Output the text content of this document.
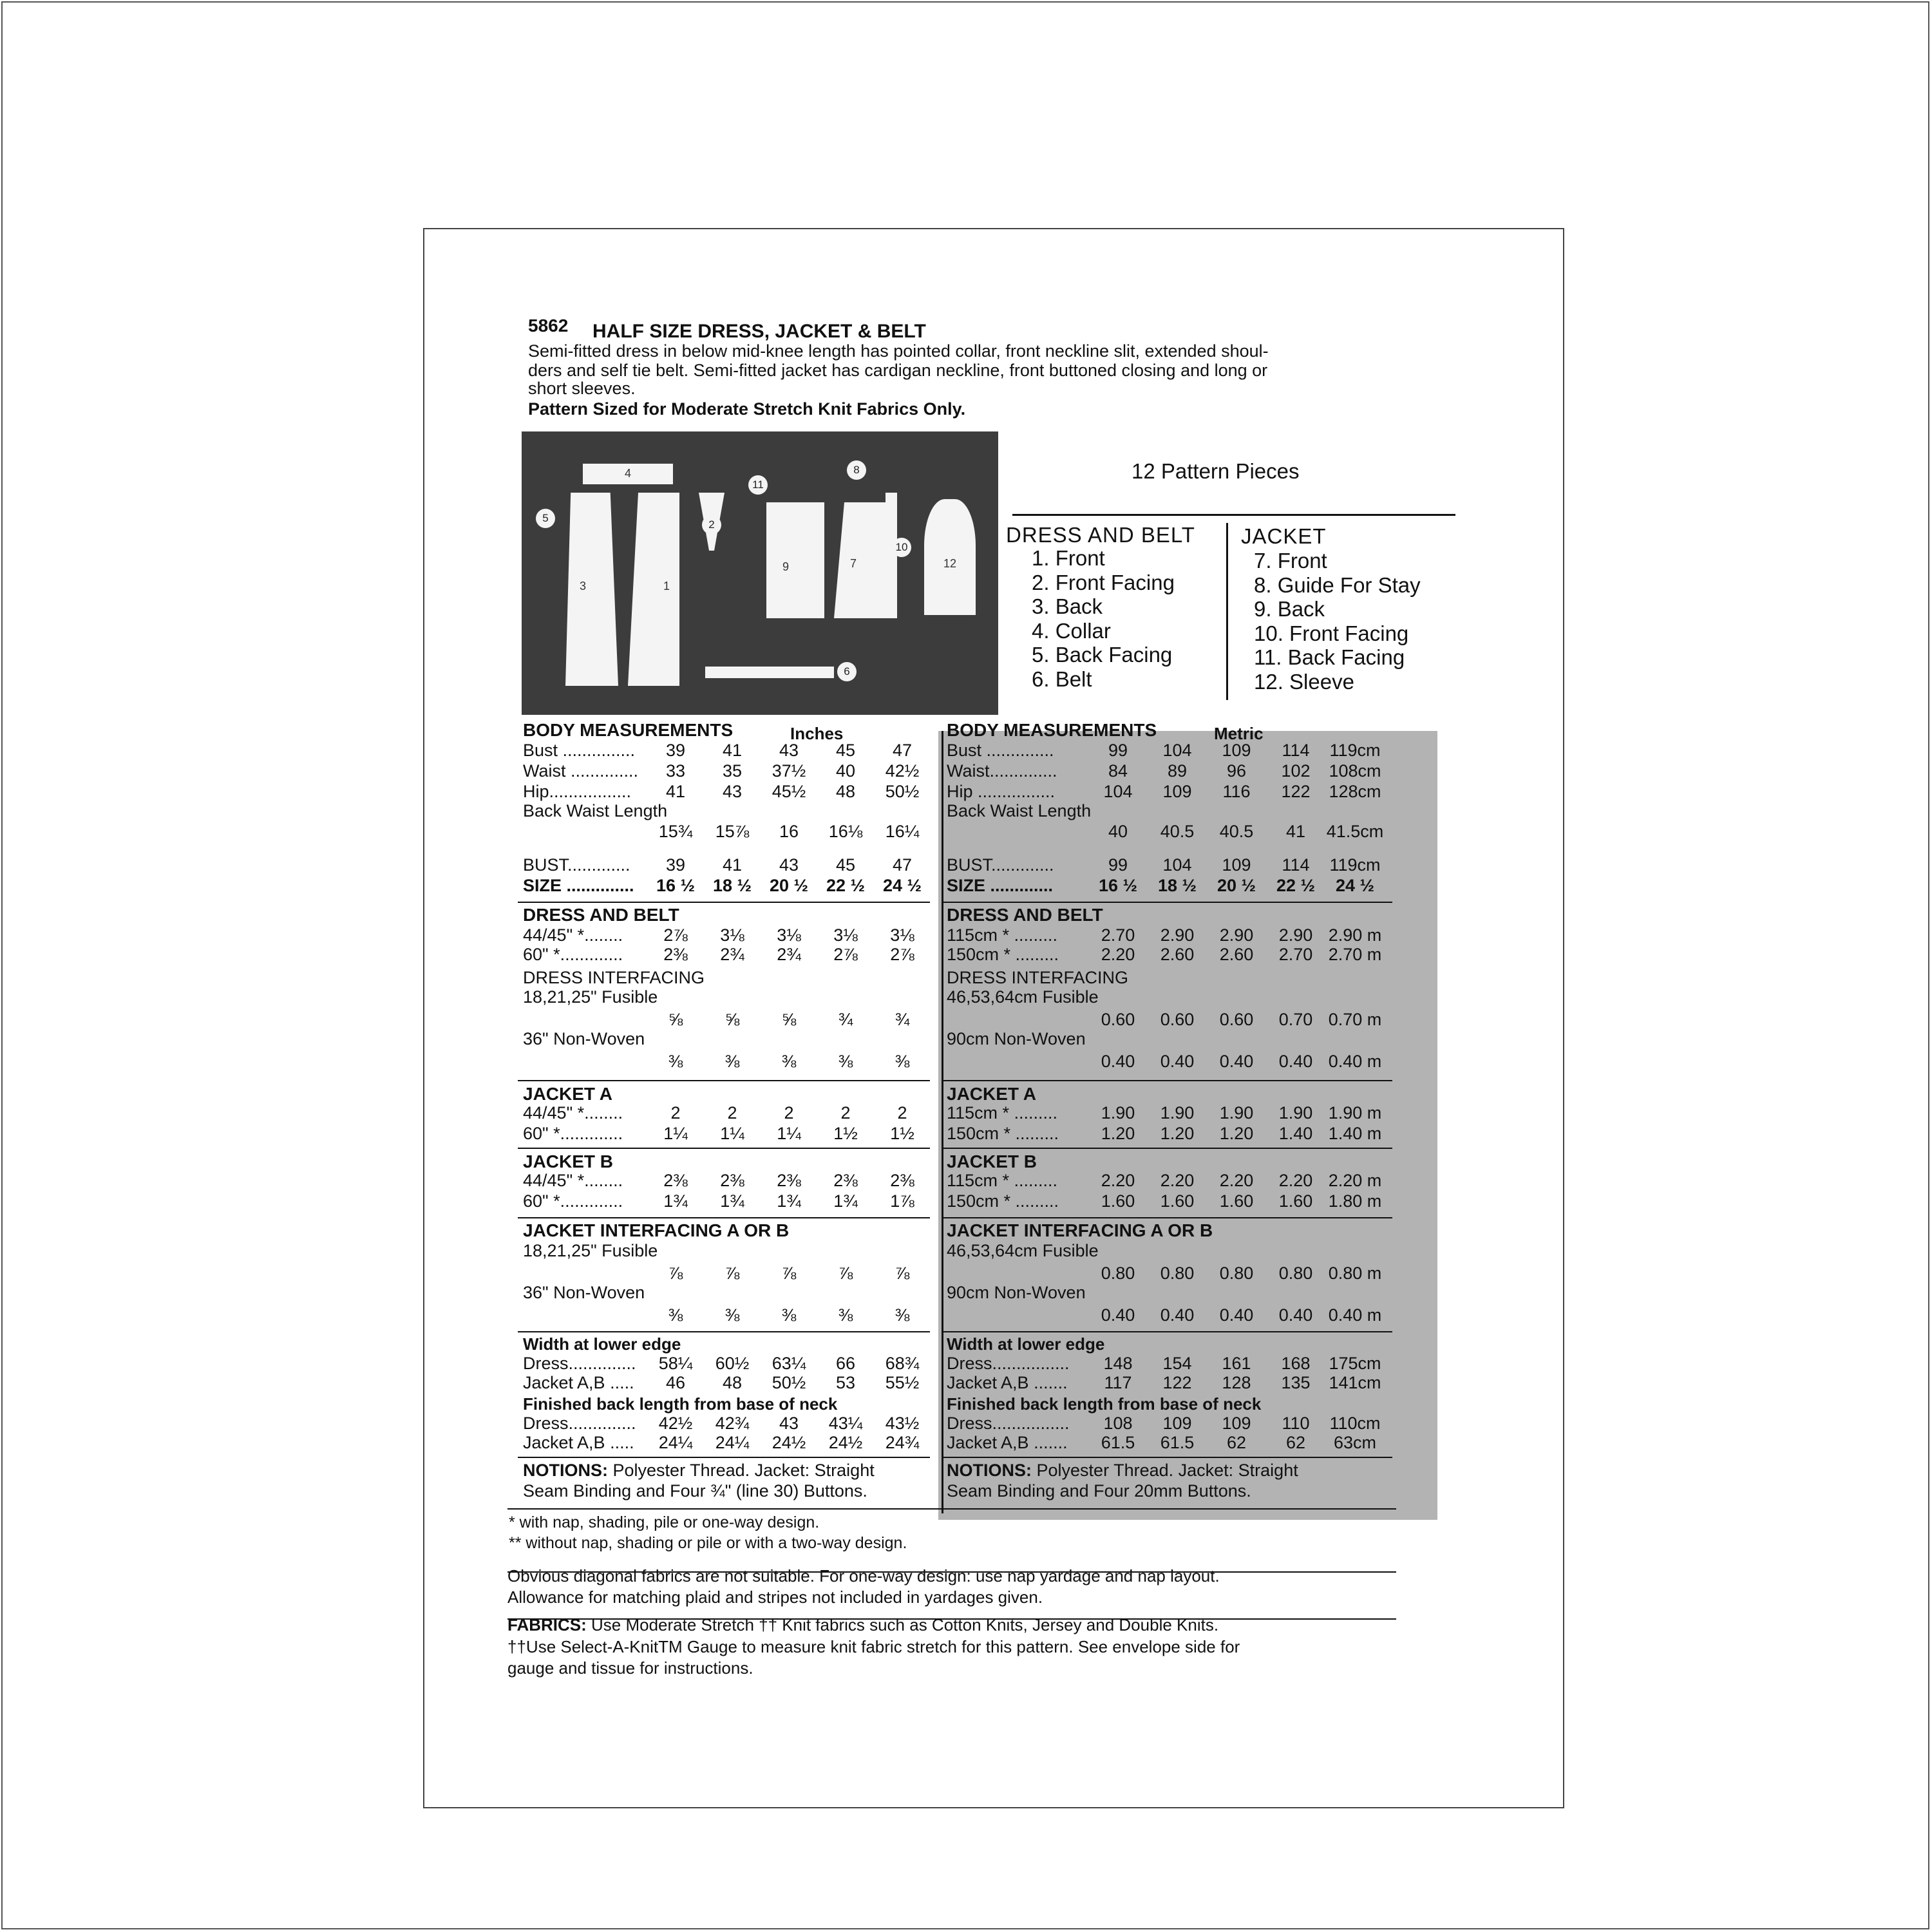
5862 HALF SIZE DRESS, JACKET & BELT
Semi-fitted dress in below mid-knee length has pointed collar, front neckline slit, extended shoul-
ders and self tie belt. Semi-fitted jacket has cardigan neckline, front buttoned closing and long or
short sleeves.
Pattern Sized for Moderate Stretch Knit Fabrics Only.
1
2
3
4
5
6
7
8
9
10
11
12
12 Pattern Pieces
DRESS AND BELT JACKET
1. Front
2. Front Facing
3. Back
4. Collar
5. Back Facing
6. Belt
7. Front
8. Guide For Stay
9. Back
10. Front Facing
11. Back Facing
12. Sleeve
BODY MEASUREMENTS	Inches
Bust ...............	39	41	43	45	47
Waist ..............	33	35	37½	40	42½
Hip.................	41	43	45½	48	50½
Back Waist Length
15¾	15⅞	16	16⅛	16¼
BUST.............	39	41	43	45	47
SIZE ..............	16 ½	18 ½	20 ½	22 ½	24 ½
DRESS AND BELT
44/45" *........	2⅞	3⅛	3⅛	3⅛	3⅛
60" *.............	2⅜	2¾	2¾	2⅞	2⅞
DRESS INTERFACING
18,21,25" Fusible
⅝	⅝	⅝	¾	¾
36" Non-Woven
⅜	⅜	⅜	⅜	⅜
JACKET A
44/45" *........	2	2	2	2	2
60" *.............	1¼	1¼	1¼	1½	1½
JACKET B
44/45" *........	2⅜	2⅜	2⅜	2⅜	2⅜
60" *.............	1¾	1¾	1¾	1¾	1⅞
JACKET INTERFACING A OR B
18,21,25" Fusible
⅞	⅞	⅞	⅞	⅞
36" Non-Woven
⅜	⅜	⅜	⅜	⅜
Width at lower edge
Dress..............	58¼	60½	63¼	66	68¾
Jacket A,B .....	46	48	50½	53	55½
Finished back length from base of neck
Dress..............	42½	42¾	43	43¼	43½
Jacket A,B .....	24¼	24¼	24½	24½	24¾
NOTIONS: Polyester Thread. Jacket: Straight
Seam Binding and Four ¾" (line 30) Buttons.
BODY MEASUREMENTS	Metric
Bust ..............	99	104	109	114	119cm
Waist..............	84	89	96	102	108cm
Hip ................	104	109	116	122	128cm
Back Waist Length
40	40.5	40.5	41	41.5cm
BUST.............	99	104	109	114	119cm
SIZE .............	16 ½	18 ½	20 ½	22 ½	24 ½
DRESS AND BELT
115cm * .........	2.70	2.90	2.90	2.90 2.90 m
150cm * .........	2.20	2.60	2.60	2.70 2.70 m
DRESS INTERFACING
46,53,64cm Fusible
0.60	0.60	0.60	0.70 0.70 m
90cm Non-Woven
0.40	0.40	0.40	0.40 0.40 m
JACKET A
115cm * .........	1.90	1.90	1.90	1.90 1.90 m
150cm * .........	1.20	1.20	1.20	1.40 1.40 m
JACKET B
115cm * .........	2.20	2.20	2.20	2.20 2.20 m
150cm * .........	1.60	1.60	1.60	1.60 1.80 m
JACKET INTERFACING A OR B
46,53,64cm Fusible
0.80	0.80	0.80	0.80 0.80 m
90cm Non-Woven
0.40	0.40	0.40	0.40 0.40 m
Width at lower edge
Dress................	148	154	161	168	175cm
Jacket A,B .......	117	122	128	135	141cm
Finished back length from base of neck
Dress................	108	109	109	110	110cm
Jacket A,B .......	61.5	61.5	62	62	63cm
NOTIONS: Polyester Thread. Jacket: Straight
Seam Binding and Four 20mm Buttons.
* with nap, shading, pile or one-way design.
** without nap, shading or pile or with a two-way design.
Obvious diagonal fabrics are not suitable. For one-way design: use nap yardage and nap layout.
Allowance for matching plaid and stripes not included in yardages given.
FABRICS: Use Moderate Stretch †† Knit fabrics such as Cotton Knits, Jersey and Double Knits.
††Use Select-A-KnitTM Gauge to measure knit fabric stretch for this pattern. See envelope side for
gauge and tissue for instructions.
